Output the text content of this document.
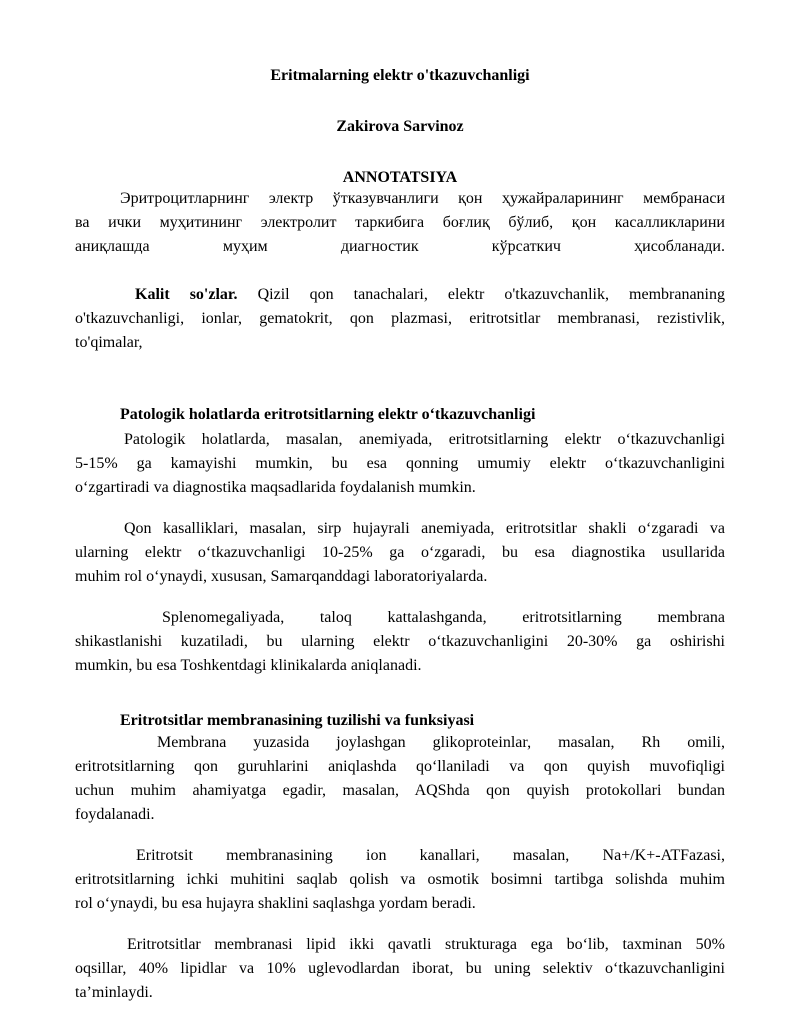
Eritmalarning elektr o'tkazuvchanligi
Zakirova Sarvinoz
ANNOTATSIYA
Эритроцитларнинг электр ўтказувчанлиги қон ҳужайраларининг мембранаси
ва ички муҳитининг электролит таркибига боғлиқ бўлиб, қон касалликларини
аниқлашда муҳим диагностик кўрсаткич ҳисобланади.
Kalit so'zlar. Qizil qon tanachalari, elektr o'tkazuvchanlik, membrananing
o'tkazuvchanligi, ionlar, gematokrit, qon plazmasi, eritrotsitlar membranasi, rezistivlik,
to'qimalar,
Patologik holatlarda eritrotsitlarning elektr o‘tkazuvchanligi
Patologik holatlarda, masalan, anemiyada, eritrotsitlarning elektr o‘tkazuvchanligi
5-15% ga kamayishi mumkin, bu esa qonning umumiy elektr o‘tkazuvchanligini
o‘zgartiradi va diagnostika maqsadlarida foydalanish mumkin.
Qon kasalliklari, masalan, sirp hujayrali anemiyada, eritrotsitlar shakli o‘zgaradi va
ularning elektr o‘tkazuvchanligi 10-25% ga o‘zgaradi, bu esa diagnostika usullarida
muhim rol o‘ynaydi, xususan, Samarqanddagi laboratoriyalarda.
Splenomegaliyada, taloq kattalashganda, eritrotsitlarning membrana
shikastlanishi kuzatiladi, bu ularning elektr o‘tkazuvchanligini 20-30% ga oshirishi
mumkin, bu esa Toshkentdagi klinikalarda aniqlanadi.
Eritrotsitlar membranasining tuzilishi va funksiyasi
Membrana yuzasida joylashgan glikoproteinlar, masalan, Rh omili,
eritrotsitlarning qon guruhlarini aniqlashda qo‘llaniladi va qon quyish muvofiqligi
uchun muhim ahamiyatga egadir, masalan, AQShda qon quyish protokollari bundan
foydalanadi.
Eritrotsit membranasining ion kanallari, masalan, Na+/K+-ATFazasi,
eritrotsitlarning ichki muhitini saqlab qolish va osmotik bosimni tartibga solishda muhim
rol o‘ynaydi, bu esa hujayra shaklini saqlashga yordam beradi.
Eritrotsitlar membranasi lipid ikki qavatli strukturaga ega bo‘lib, taxminan 50%
oqsillar, 40% lipidlar va 10% uglevodlardan iborat, bu uning selektiv o‘tkazuvchanligini
ta’minlaydi.
